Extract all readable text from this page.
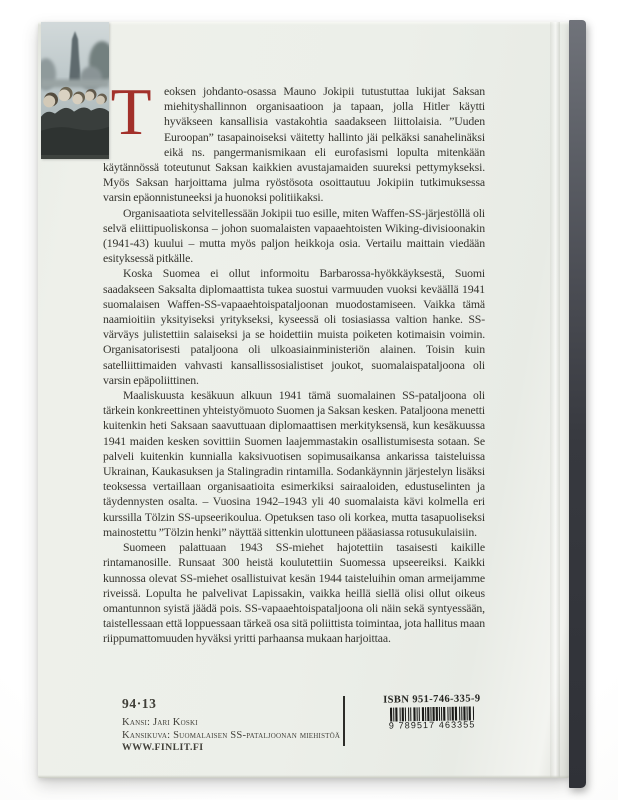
T	eoksen johdanto-osassa Mauno Jokipii tutustuttaa lukijat Saksan miehityshallinnon organisaatioon ja tapaan, jolla Hitler käytti hyväkseen kansallisia vastakohtia saadakseen liittolaisia. ”Uuden Euroopan” tasapainoiseksi väitetty hallinto jäi pelkäksi sanahelinäksi eikä ns. pangermanismikaan eli eurofasismi lopulta mitenkään käytännössä toteutunut Saksan kaikkien avustajamaiden suureksi pettymykseksi. Myös Saksan harjoittama julma ryöstösota osoittautuu Jokipiin tutkimuksessa varsin epäonnistuneeksi ja huonoksi politiikaksi.

Organisaatiota selvitellessään Jokipii tuo esille, miten Waffen-SS-järjestöllä oli selvä eliittipuoliskonsa – johon suomalaisten vapaaehtoisten Wiking-divisioonakin (1941-43) kuului – mutta myös paljon heikkoja osia. Vertailu maittain viedään esityksessä pitkälle.

Koska Suomea ei ollut informoitu Barbarossa-hyökkäyksestä, Suomi saadakseen Saksalta diplomaattista tukea suostui varmuuden vuoksi keväällä 1941 suomalaisen Waffen-SS-vapaaehtoispataljoonan muodostamiseen. Vaikka tämä naamioitiin yksityiseksi yritykseksi, kyseessä oli tosiasiassa valtion hanke. SS-värväys julistettiin salaiseksi ja se hoidettiin muista poiketen kotimaisin voimin. Organisatorisesti pataljoona oli ulkoasiainministeriön alainen. Toisin kuin satelliittimaiden vahvasti kansallissosialistiset joukot, suomalaispataljoona oli varsin epäpoliittinen.

Maaliskuusta kesäkuun alkuun 1941 tämä suomalainen SS-pataljoona oli tärkein konkreettinen yhteistyömuoto Suomen ja Saksan kesken. Pataljoona menetti kuitenkin heti Saksaan saavuttuaan diplomaattisen merkityksensä, kun kesäkuussa 1941 maiden kesken sovittiin Suomen laajemmastakin osallistumisesta sotaan. Se palveli kuitenkin kunnialla kaksivuotisen sopimusaikansa ankarissa taisteluissa Ukrainan, Kaukasuksen ja Stalingradin rintamilla. Sodankäynnin järjestelyn lisäksi teoksessa vertaillaan organisaatioita esimerkiksi sairaaloiden, edustuselinten ja täydennysten osalta. – Vuosina 1942–1943 yli 40 suomalaista kävi kolmella eri kurssilla Tölzin SS-upseerikoulua. Opetuksen taso oli korkea, mutta tasapuoliseksi mainostettu ”Tölzin henki” näyttää sittenkin ulottuneen pääasiassa rotusukulaisiin.

Suomeen palattuaan 1943 SS-miehet hajotettiin tasaisesti kaikille rintamanosille. Runsaat 300 heistä koulutettiin Suomessa upseereiksi. Kaikki kunnossa olevat SS-miehet osallistuivat kesän 1944 taisteluihin oman armeijamme riveissä. Lopulta he palvelivat Lapissakin, vaikka heillä siellä olisi ollut oikeus omantunnon syistä jäädä pois. SS-vapaaehtoispataljoona oli näin sekä syntyessään, taistellessaan että loppuessaan tärkeä osa sitä poliittista toimintaa, jota hallitus maan riippumattomuuden hyväksi yritti parhaansa mukaan harjoittaa.

94·13
Kansi: Jari Koski
Kansikuva: Suomalaisen SS-pataljoonan miehistöä
WWW.FINLIT.FI
ISBN 951-746-335-9
9 789517 463355
